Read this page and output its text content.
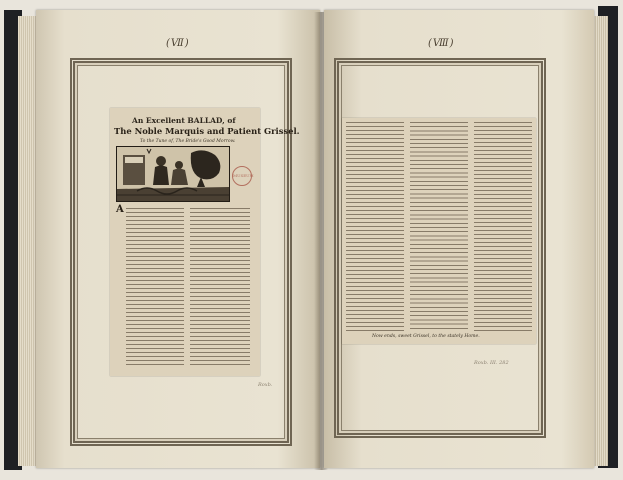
(Ⅶ)
An Excellent BALLAD, of
The Noble Marquis and Patient Grissel.
To the Tune of, The Bride's Good Morrow.
MUSEUM
A
Roxb.
(Ⅷ)
Now ends, sweet Grissel, to the stately Home.
Roxb. III. 282
